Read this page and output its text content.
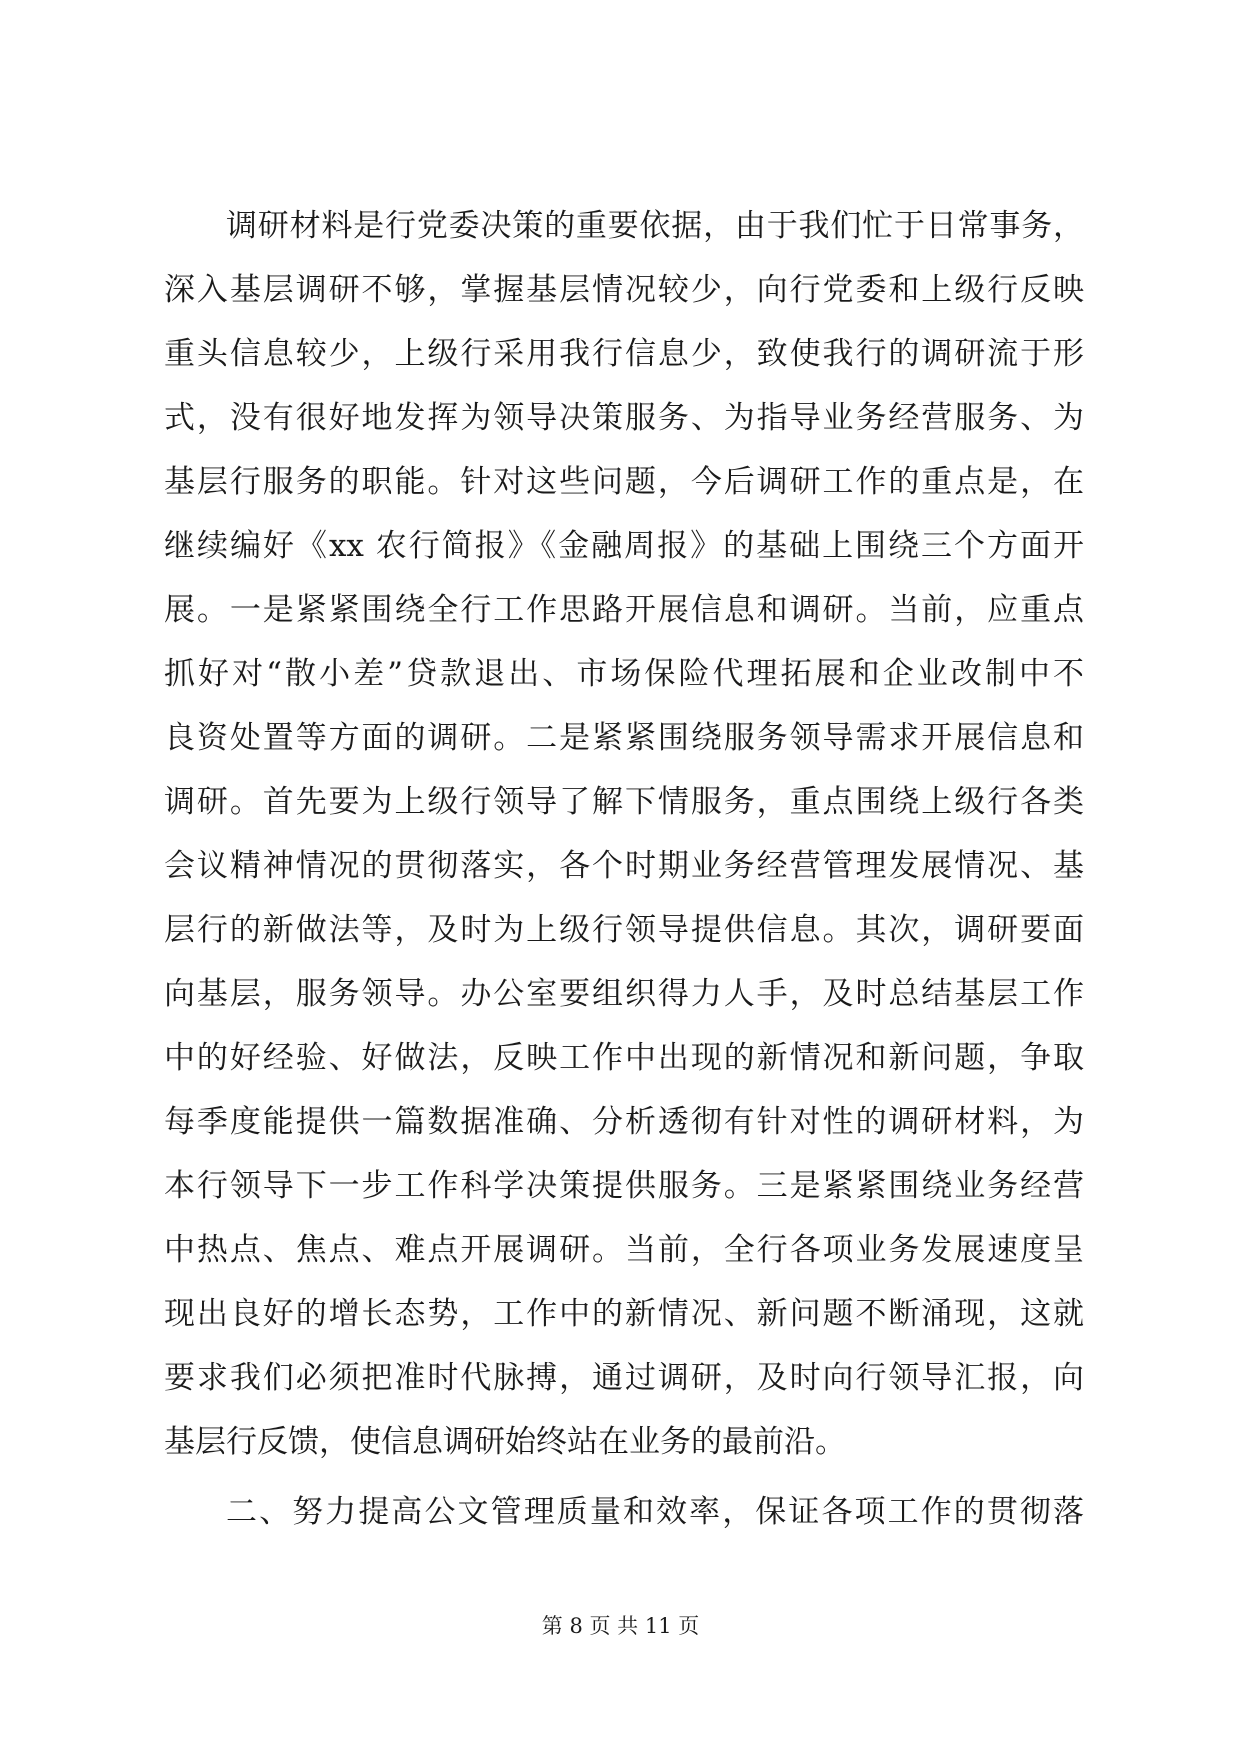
调研材料是行党委决策的重要依据，由于我们忙于日常事务，
深入基层调研不够，掌握基层情况较少，向行党委和上级行反映
重头信息较少，上级行采用我行信息少，致使我行的调研流于形
式，没有很好地发挥为领导决策服务、为指导业务经营服务、为
基层行服务的职能。针对这些问题，今后调研工作的重点是，在
继续编好《xx 农行简报》《金融周报》的基础上围绕三个方面开
展。一是紧紧围绕全行工作思路开展信息和调研。当前，应重点
抓好对“散小差”贷款退出、市场保险代理拓展和企业改制中不
良资处置等方面的调研。二是紧紧围绕服务领导需求开展信息和
调研。首先要为上级行领导了解下情服务，重点围绕上级行各类
会议精神情况的贯彻落实，各个时期业务经营管理发展情况、基
层行的新做法等，及时为上级行领导提供信息。其次，调研要面
向基层，服务领导。办公室要组织得力人手，及时总结基层工作
中的好经验、好做法，反映工作中出现的新情况和新问题，争取
每季度能提供一篇数据准确、分析透彻有针对性的调研材料，为
本行领导下一步工作科学决策提供服务。三是紧紧围绕业务经营
中热点、焦点、难点开展调研。当前，全行各项业务发展速度呈
现出良好的增长态势，工作中的新情况、新问题不断涌现，这就
要求我们必须把准时代脉搏，通过调研，及时向行领导汇报，向
基层行反馈，使信息调研始终站在业务的最前沿。
二、努力提高公文管理质量和效率，保证各项工作的贯彻落
第 8 页 共 11 页
